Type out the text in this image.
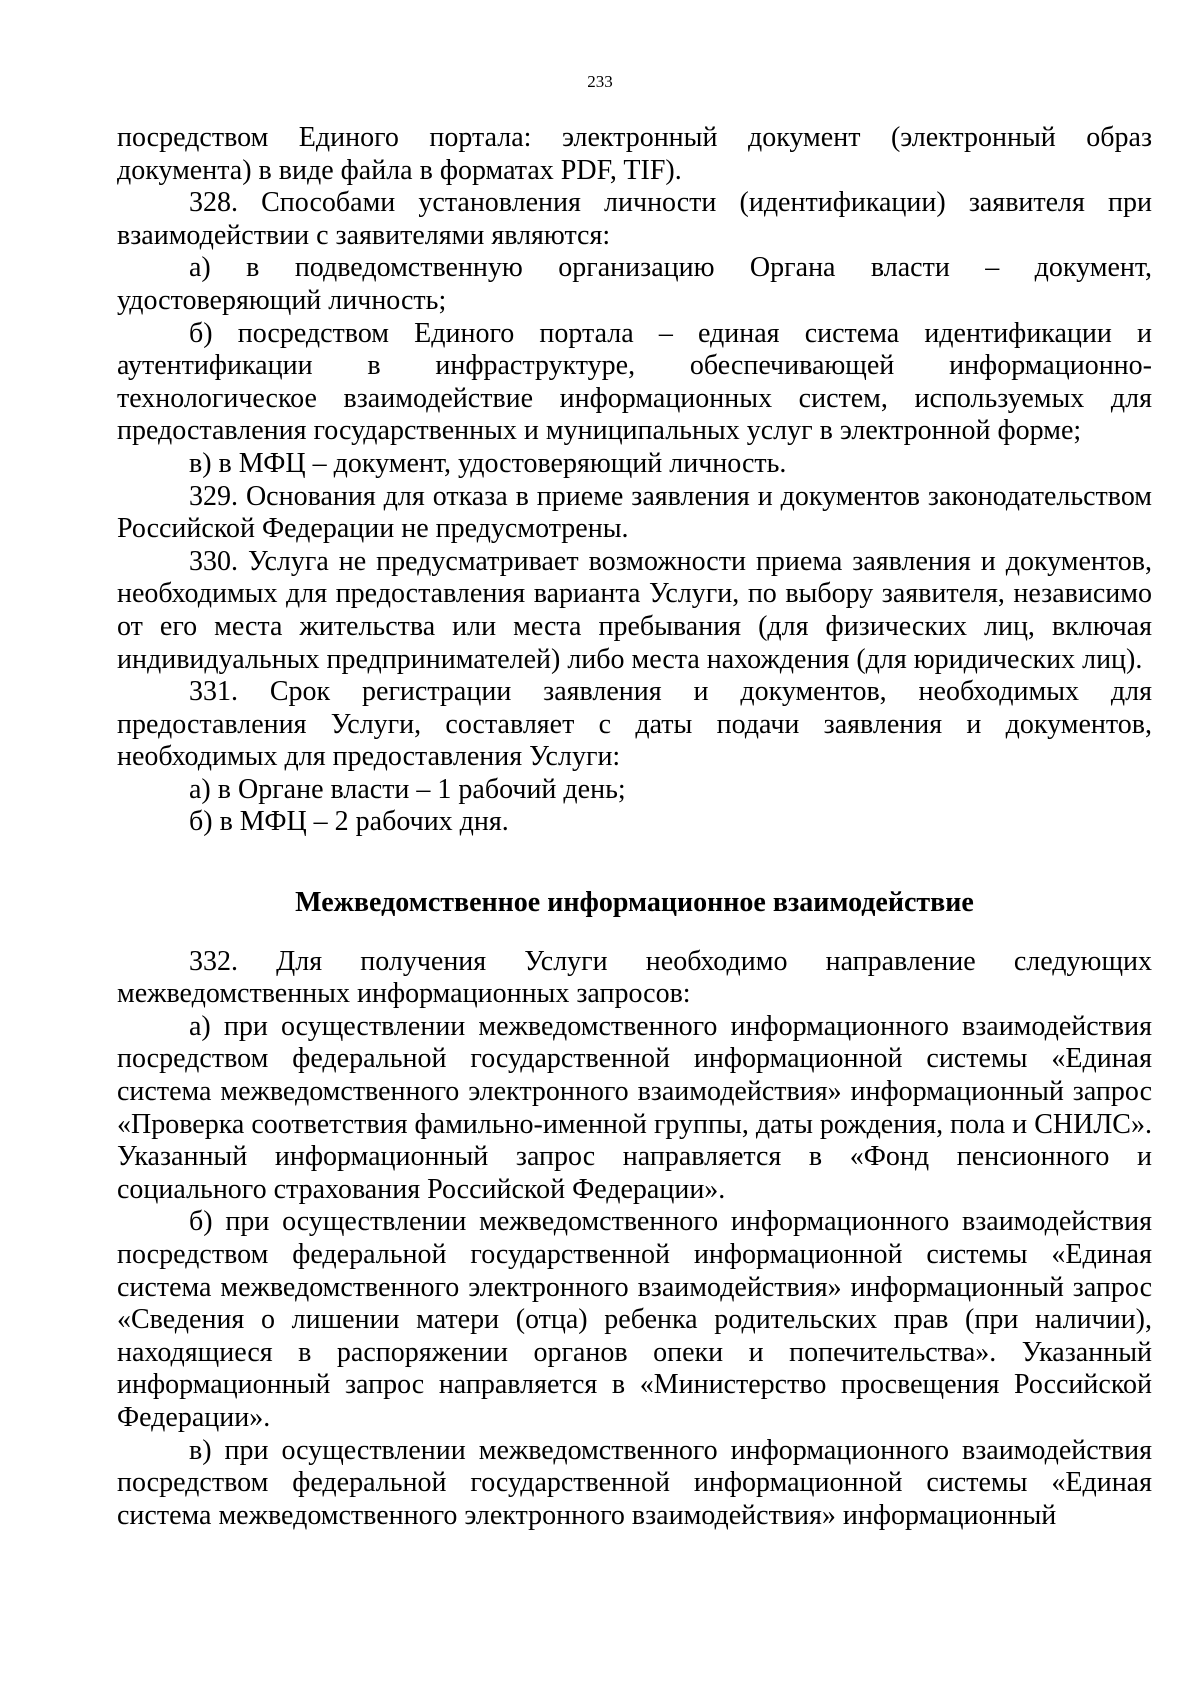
233

посредством Единого портала: электронный документ (электронный образ документа) в виде файла в форматах PDF, TIF).

328. Способами установления личности (идентификации) заявителя при взаимодействии с заявителями являются:

а) в подведомственную организацию Органа власти – документ, удостоверяющий личность;

б) посредством Единого портала – единая система идентификации и аутентификации в инфраструктуре, обеспечивающей информационно-технологическое взаимодействие информационных систем, используемых для предоставления государственных и муниципальных услуг в электронной форме;

в) в МФЦ – документ, удостоверяющий личность.

329. Основания для отказа в приеме заявления и документов законодательством Российской Федерации не предусмотрены.

330. Услуга не предусматривает возможности приема заявления и документов, необходимых для предоставления варианта Услуги, по выбору заявителя, независимо от его места жительства или места пребывания (для физических лиц, включая индивидуальных предпринимателей) либо места нахождения (для юридических лиц).

331. Срок регистрации заявления и документов, необходимых для предоставления Услуги, составляет с даты подачи заявления и документов, необходимых для предоставления Услуги:

а) в Органе власти – 1 рабочий день;

б) в МФЦ – 2 рабочих дня.

Межведомственное информационное взаимодействие

332. Для получения Услуги необходимо направление следующих межведомственных информационных запросов:

а) при осуществлении межведомственного информационного взаимодействия посредством федеральной государственной информационной системы «Единая система межведомственного электронного взаимодействия» информационный запрос «Проверка соответствия фамильно-именной группы, даты рождения, пола и СНИЛС». Указанный информационный запрос направляется в «Фонд пенсионного и социального страхования Российской Федерации».

б) при осуществлении межведомственного информационного взаимодействия посредством федеральной государственной информационной системы «Единая система межведомственного электронного взаимодействия» информационный запрос «Сведения о лишении матери (отца) ребенка родительских прав (при наличии), находящиеся в распоряжении органов опеки и попечительства». Указанный информационный запрос направляется в «Министерство просвещения Российской Федерации».

в) при осуществлении межведомственного информационного взаимодействия посредством федеральной государственной информационной системы «Единая система межведомственного электронного взаимодействия» информационный
